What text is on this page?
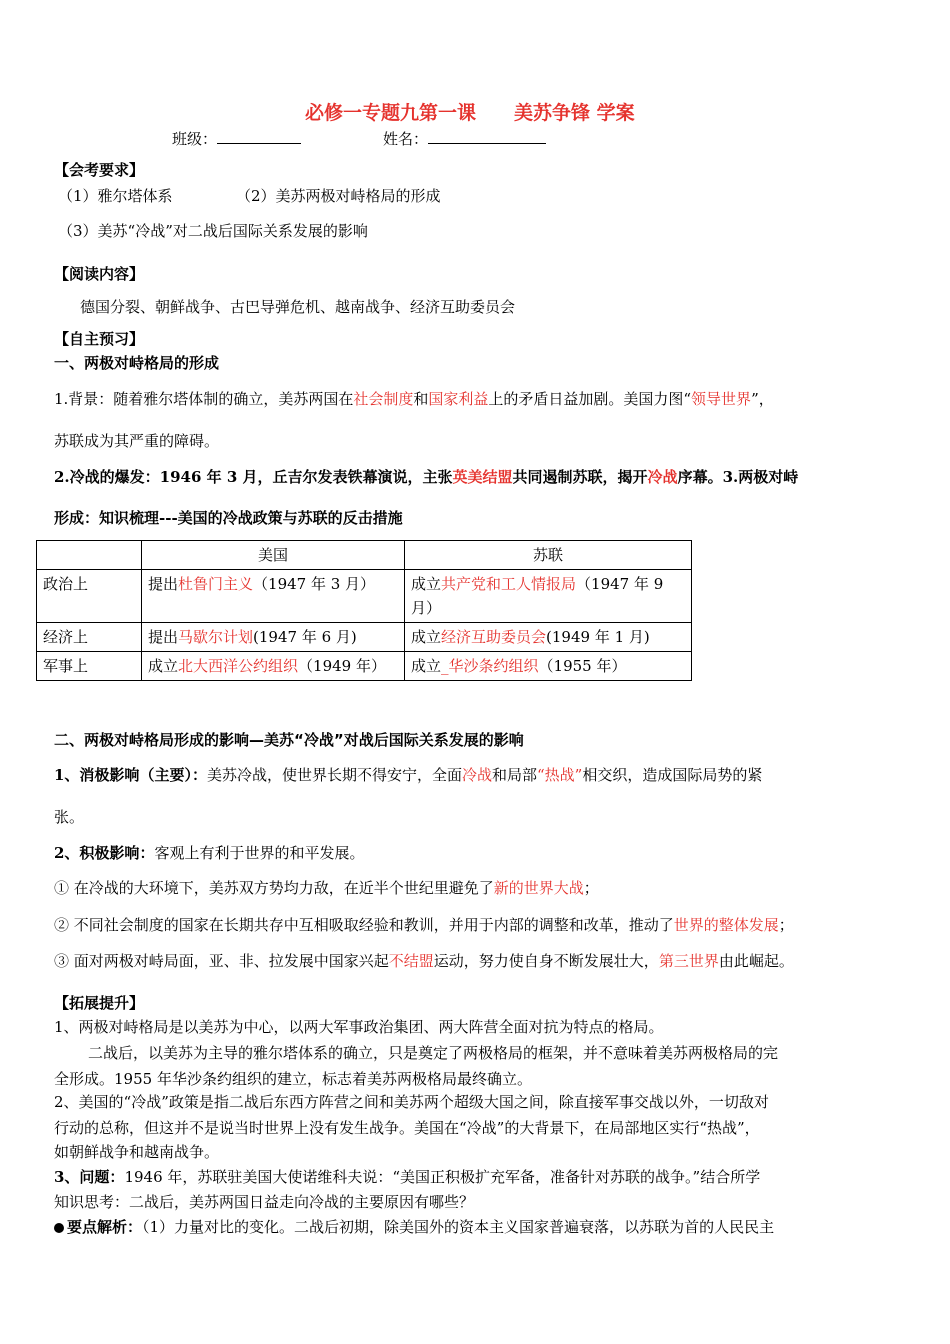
必修一专题九第一课　　美苏争锋 学案
班级：	姓名：
【会考要求】
（1）雅尔塔体系	（2）美苏两极对峙格局的形成
（3）美苏“冷战”对二战后国际关系发展的影响
【阅读内容】
德国分裂、朝鲜战争、古巴导弹危机、越南战争、经济互助委员会
【自主预习】
一、两极对峙格局的形成
1.背景：随着雅尔塔体制的确立，美苏两国在社会制度和国家利益上的矛盾日益加剧。美国力图“领导世界”，
苏联成为其严重的障碍。
2.冷战的爆发：1946 年 3 月，丘吉尔发表铁幕演说，主张英美结盟共同遏制苏联，揭开冷战序幕。3.两极对峙
形成：知识梳理---美国的冷战政策与苏联的反击措施
	美国	苏联
政治上	提出杜鲁门主义（1947 年 3 月）	成立共产党和工人情报局（1947 年 9 月）
经济上	提出马歇尔计划(1947 年 6 月)	成立经济互助委员会(1949 年 1 月)
军事上	成立北大西洋公约组织（1949 年）	成立_华沙条约组织（1955 年）
二、两极对峙格局形成的影响—美苏“冷战”对战后国际关系发展的影响
1、消极影响（主要）：美苏冷战，使世界长期不得安宁，全面冷战和局部“热战”相交织，造成国际局势的紧
张。
2、积极影响：客观上有利于世界的和平发展。
① 在冷战的大环境下，美苏双方势均力敌，在近半个世纪里避免了新的世界大战；
② 不同社会制度的国家在长期共存中互相吸取经验和教训，并用于内部的调整和改革，推动了世界的整体发展；
③ 面对两极对峙局面，亚、非、拉发展中国家兴起不结盟运动，努力使自身不断发展壮大，第三世界由此崛起。
【拓展提升】
1、两极对峙格局是以美苏为中心，以两大军事政治集团、两大阵营全面对抗为特点的格局。
二战后，以美苏为主导的雅尔塔体系的确立，只是奠定了两极格局的框架，并不意味着美苏两极格局的完
全形成。1955 年华沙条约组织的建立，标志着美苏两极格局最终确立。
2、美国的“冷战”政策是指二战后东西方阵营之间和美苏两个超级大国之间，除直接军事交战以外，一切敌对
行动的总称，但这并不是说当时世界上没有发生战争。美国在“冷战”的大背景下，在局部地区实行“热战”，
如朝鲜战争和越南战争。
3、问题：1946 年，苏联驻美国大使诺维科夫说：“美国正积极扩充军备，准备针对苏联的战争。”结合所学
知识思考：二战后，美苏两国日益走向冷战的主要原因有哪些？
要点解析：（1）力量对比的变化。二战后初期，除美国外的资本主义国家普遍衰落，以苏联为首的人民民主
